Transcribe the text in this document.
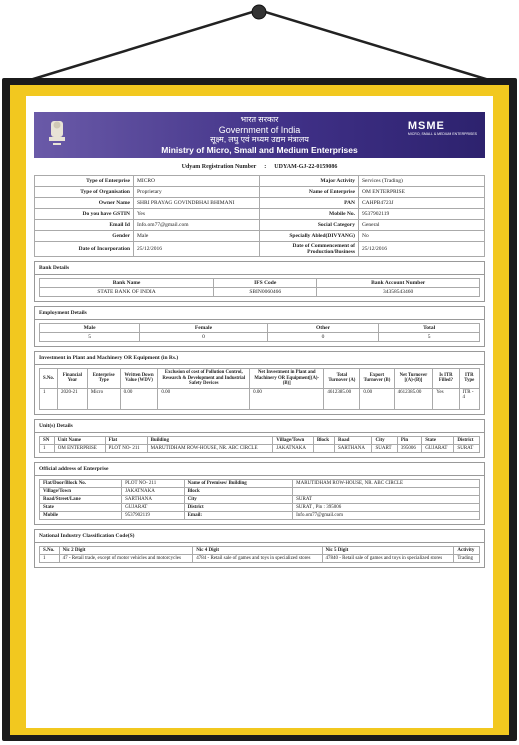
भारत सरकार
Government of India
सूक्ष्म, लघु एवं मध्यम उद्यम मंत्रालय
Ministry of Micro, Small and Medium Enterprises
MSME
MICRO, SMALL & MEDIUM ENTERPRISES
Udyam Registration Number : UDYAM-GJ-22-0159086
Type of Enterprise	MICRO	Major Activity	Services (Trading)
Type of Organisation	Proprietary	Name of Enterprise	OM ENTERPRISE
Owner Name	SHRI PRAYAG GOVINDBHAI BHIMANI	PAN	CAHPB4723J
Do you have GSTIN	Yes	Mobile No.	9537902119
Email Id	Info.om77@gmail.com	Social Category	General
Gender	Male	Specially Abled(DIVYANG)	No
Date of Incorporation	25/12/2016	Date of Commencement of Production/Business	25/12/2016
Bank Details
Bank Name	IFS Code	Bank Account Number
STATE BANK OF INDIA	SBIN0060466	34358543460
Employment Details
Male	Female	Other	Total
5	0	0	5
Investment in Plant and Machinery OR Equipment (in Rs.)
S.No.	Financial Year	Enterprise Type	Written Down Value (WDV)	Exclusion of cost of Pollution Control, Research & Development and Industrial Safety Devices	Net Investment in Plant and Machinery OR Equipment[(A)-(B)]	Total Turnover (A)	Export Turnover (B)	Net Turnover [(A)-(B)]	Is ITR Filled?	ITR Type
1	2020-21	Micro	0.00	0.00	0.00	4612385.00	0.00	4612385.00	Yes	ITR - 4
Unit(s) Details
SN	Unit Name	Flat	Building	Village/Town	Block	Road	City	Pin	State	District
1	OM ENTERPRISE	PLOT NO- 211	MARUTIDHAM ROW-HOUSE, NR. ABC CIRCLE	JAKATNAKA		SARTHANA	SUART	395006	GUJARAT	SURAT
Official address of Enterprise
Flat/Door/Block No.	PLOT NO- 211	Name of Premises/ Building	MARUTIDHAM ROW-HOUSE, NR. ABC CIRCLE
Village/Town	JAKATNAKA	Block	
Road/Street/Lane	SARTHANA	City	SURAT
State	GUJARAT	District	SURAT , Pin : 395006
Mobile	9537902119	Email:	Info.om77@gmail.com
National Industry Classification Code(S)
S.No.	Nic 2 Digit	Nic 4 Digit	Nic 5 Digit	Activity
1	47 - Retail trade, except of motor vehicles and motorcycles	4784 - Retail sale of games and toys in specialized stores	47840 - Retail sale of games and toys in specialized stores	Trading
